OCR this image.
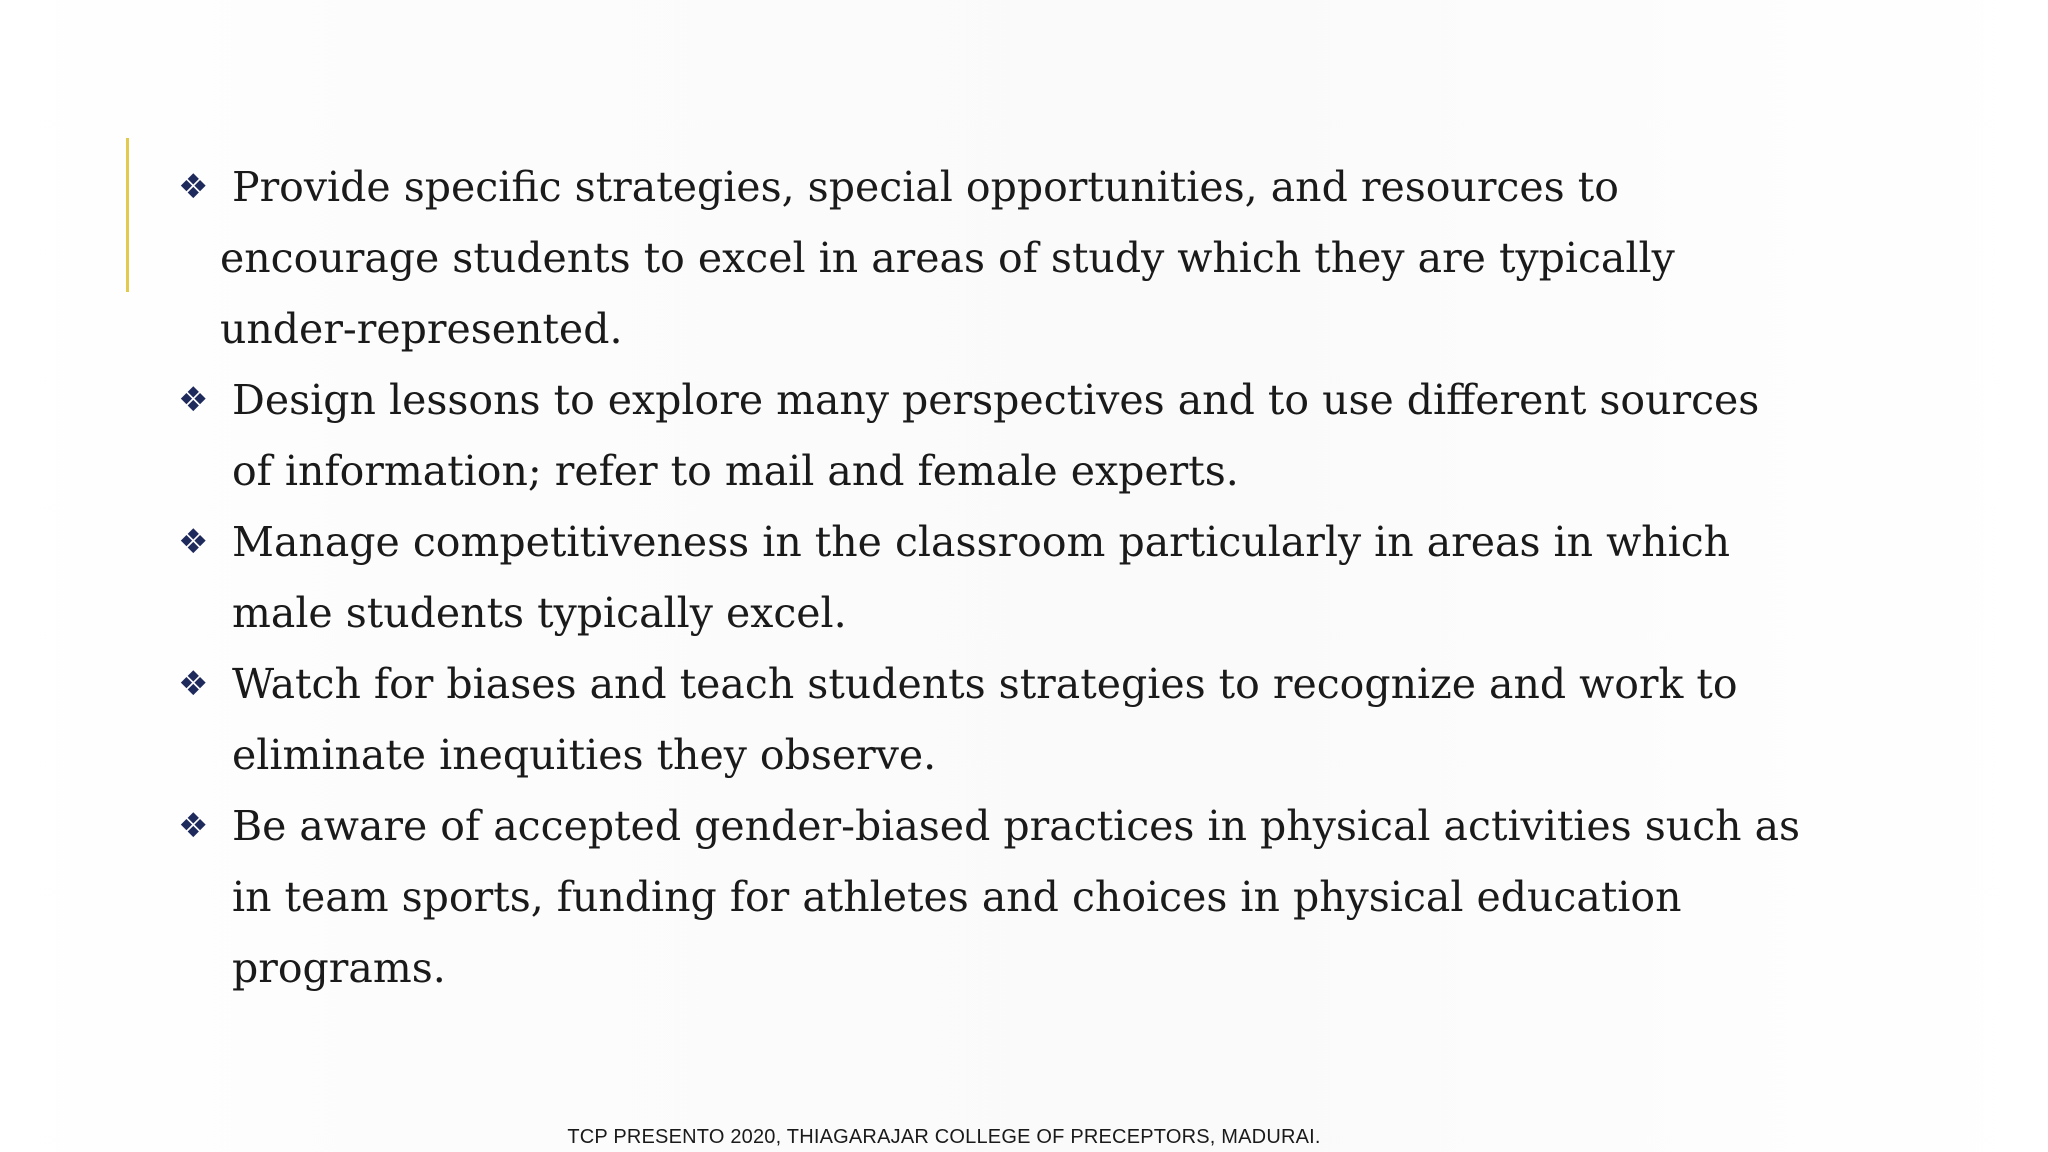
❖ Provide specific strategies, special opportunities, and resources to
encourage students to excel in areas of study which they are typically
under-represented.
❖ Design lessons to explore many perspectives and to use different sources
of information; refer to mail and female experts.
❖ Manage competitiveness in the classroom particularly in areas in which
male students typically excel.
❖ Watch for biases and teach students strategies to recognize and work to
eliminate inequities they observe.
❖ Be aware of accepted gender-biased practices in physical activities such as
in team sports, funding for athletes and choices in physical education
programs.
TCP PRESENTO 2020, THIAGARAJAR COLLEGE OF PRECEPTORS, MADURAI.
